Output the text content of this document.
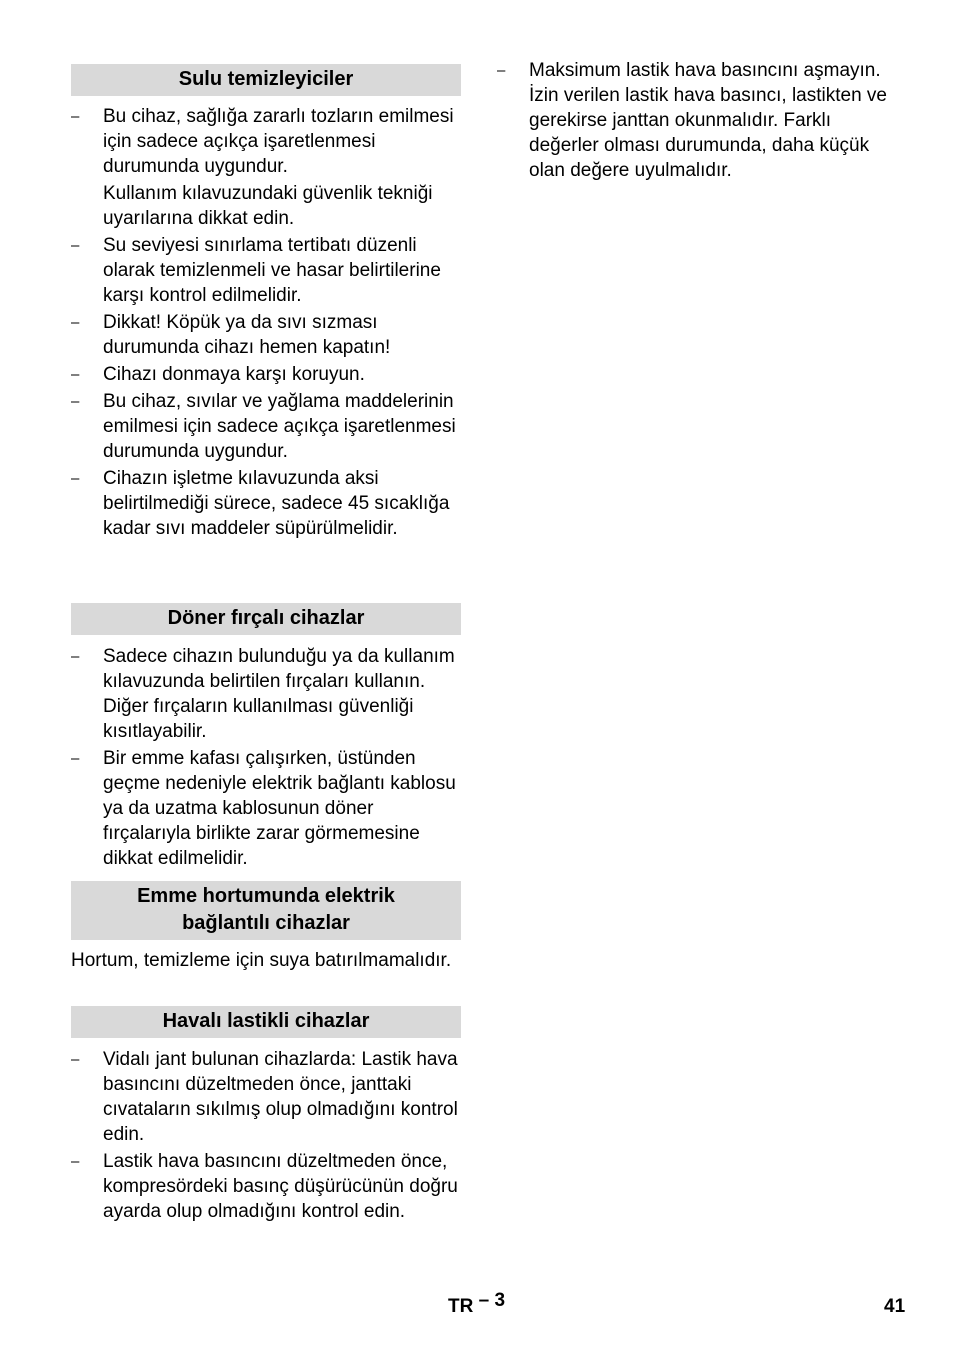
Sulu temizleyiciler
– Bu cihaz, sağlığa zararlı tozların emilmesi için sadece açıkça işaretlenmesi durumunda uygundur.
Kullanım kılavuzundaki güvenlik tekniği uyarılarına dikkat edin.
– Su seviyesi sınırlama tertibatı düzenli olarak temizlenmeli ve hasar belirtilerine karşı kontrol edilmelidir.
– Dikkat! Köpük ya da sıvı sızması durumunda cihazı hemen kapatın!
– Cihazı donmaya karşı koruyun.
– Bu cihaz, sıvılar ve yağlama maddelerinin emilmesi için sadece açıkça işaretlenmesi durumunda uygundur.
– Cihazın işletme kılavuzunda aksi belirtilmediği sürece, sadece 45 sıcaklığa kadar sıvı maddeler süpürülmelidir.
Döner fırçalı cihazlar
– Sadece cihazın bulunduğu ya da kullanım kılavuzunda belirtilen fırçaları kullanın. Diğer fırçaların kullanılması güvenliği kısıtlayabilir.
– Bir emme kafası çalışırken, üstünden geçme nedeniyle elektrik bağlantı kablosu ya da uzatma kablosunun döner fırçalarıyla birlikte zarar görmemesine dikkat edilmelidir.
Emme hortumunda elektrik
bağlantılı cihazlar

Hortum, temizleme için suya batırılmamalıdır.

Havalı lastikli cihazlar
– Vidalı jant bulunan cihazlarda: Lastik hava basıncını düzeltmeden önce, janttaki cıvataların sıkılmış olup olmadığını kontrol edin.
– Lastik hava basıncını düzeltmeden önce, kompresördeki basınç düşürücünün doğru ayarda olup olmadığını kontrol edin.
– Maksimum lastik hava basıncını aşmayın. İzin verilen lastik hava basıncı, lastikten ve gerekirse janttan okunmalıdır. Farklı değerler olması durumunda, daha küçük olan değere uyulmalıdır.
TR – 3	41
